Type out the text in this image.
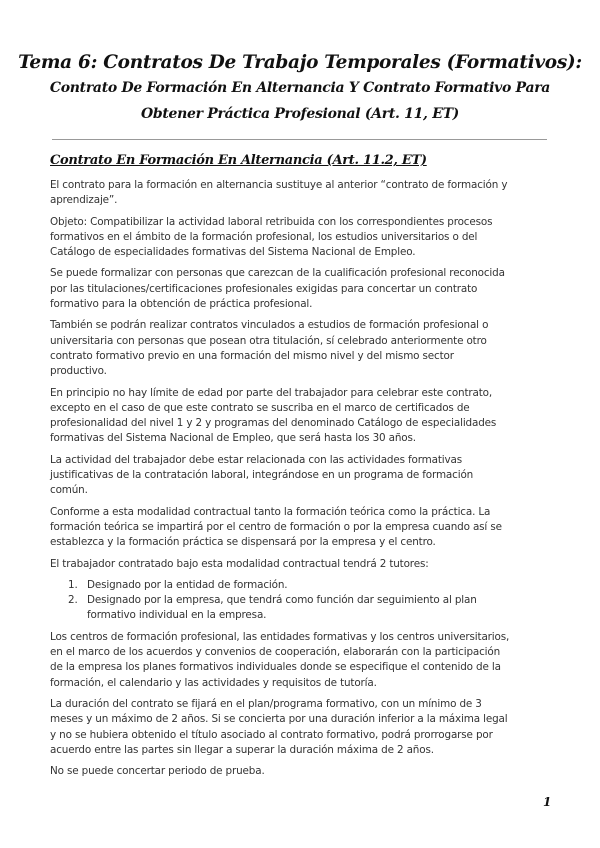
Tema 6: Contratos De Trabajo Temporales (Formativos):
Contrato De Formación En Alternancia Y Contrato Formativo Para
Obtener Práctica Profesional (Art. 11, ET)
Contrato En Formación En Alternancia (Art. 11.2, ET)
El contrato para la formación en alternancia sustituye al anterior “contrato de formación y
aprendizaje”.
Objeto: Compatibilizar la actividad laboral retribuida con los correspondientes procesos
formativos en el ámbito de la formación profesional, los estudios universitarios o del
Catálogo de especialidades formativas del Sistema Nacional de Empleo.
Se puede formalizar con personas que carezcan de la cualificación profesional reconocida
por las titulaciones/certificaciones profesionales exigidas para concertar un contrato
formativo para la obtención de práctica profesional.
También se podrán realizar contratos vinculados a estudios de formación profesional o
universitaria con personas que posean otra titulación, sí celebrado anteriormente otro
contrato formativo previo en una formación del mismo nivel y del mismo sector
productivo.
En principio no hay límite de edad por parte del trabajador para celebrar este contrato,
excepto en el caso de que este contrato se suscriba en el marco de certificados de
profesionalidad del nivel 1 y 2 y programas del denominado Catálogo de especialidades
formativas del Sistema Nacional de Empleo, que será hasta los 30 años.
La actividad del trabajador debe estar relacionada con las actividades formativas
justificativas de la contratación laboral, integrándose en un programa de formación
común.
Conforme a esta modalidad contractual tanto la formación teórica como la práctica. La
formación teórica se impartirá por el centro de formación o por la empresa cuando así se
establezca y la formación práctica se dispensará por la empresa y el centro.
El trabajador contratado bajo esta modalidad contractual tendrá 2 tutores:
1. Designado por la entidad de formación.
2. Designado por la empresa, que tendrá como función dar seguimiento al plan
formativo individual en la empresa.
Los centros de formación profesional, las entidades formativas y los centros universitarios,
en el marco de los acuerdos y convenios de cooperación, elaborarán con la participación
de la empresa los planes formativos individuales donde se especifique el contenido de la
formación, el calendario y las actividades y requisitos de tutoría.
La duración del contrato se fijará en el plan/programa formativo, con un mínimo de 3
meses y un máximo de 2 años. Si se concierta por una duración inferior a la máxima legal
y no se hubiera obtenido el título asociado al contrato formativo, podrá prorrogarse por
acuerdo entre las partes sin llegar a superar la duración máxima de 2 años.
No se puede concertar periodo de prueba.
1
